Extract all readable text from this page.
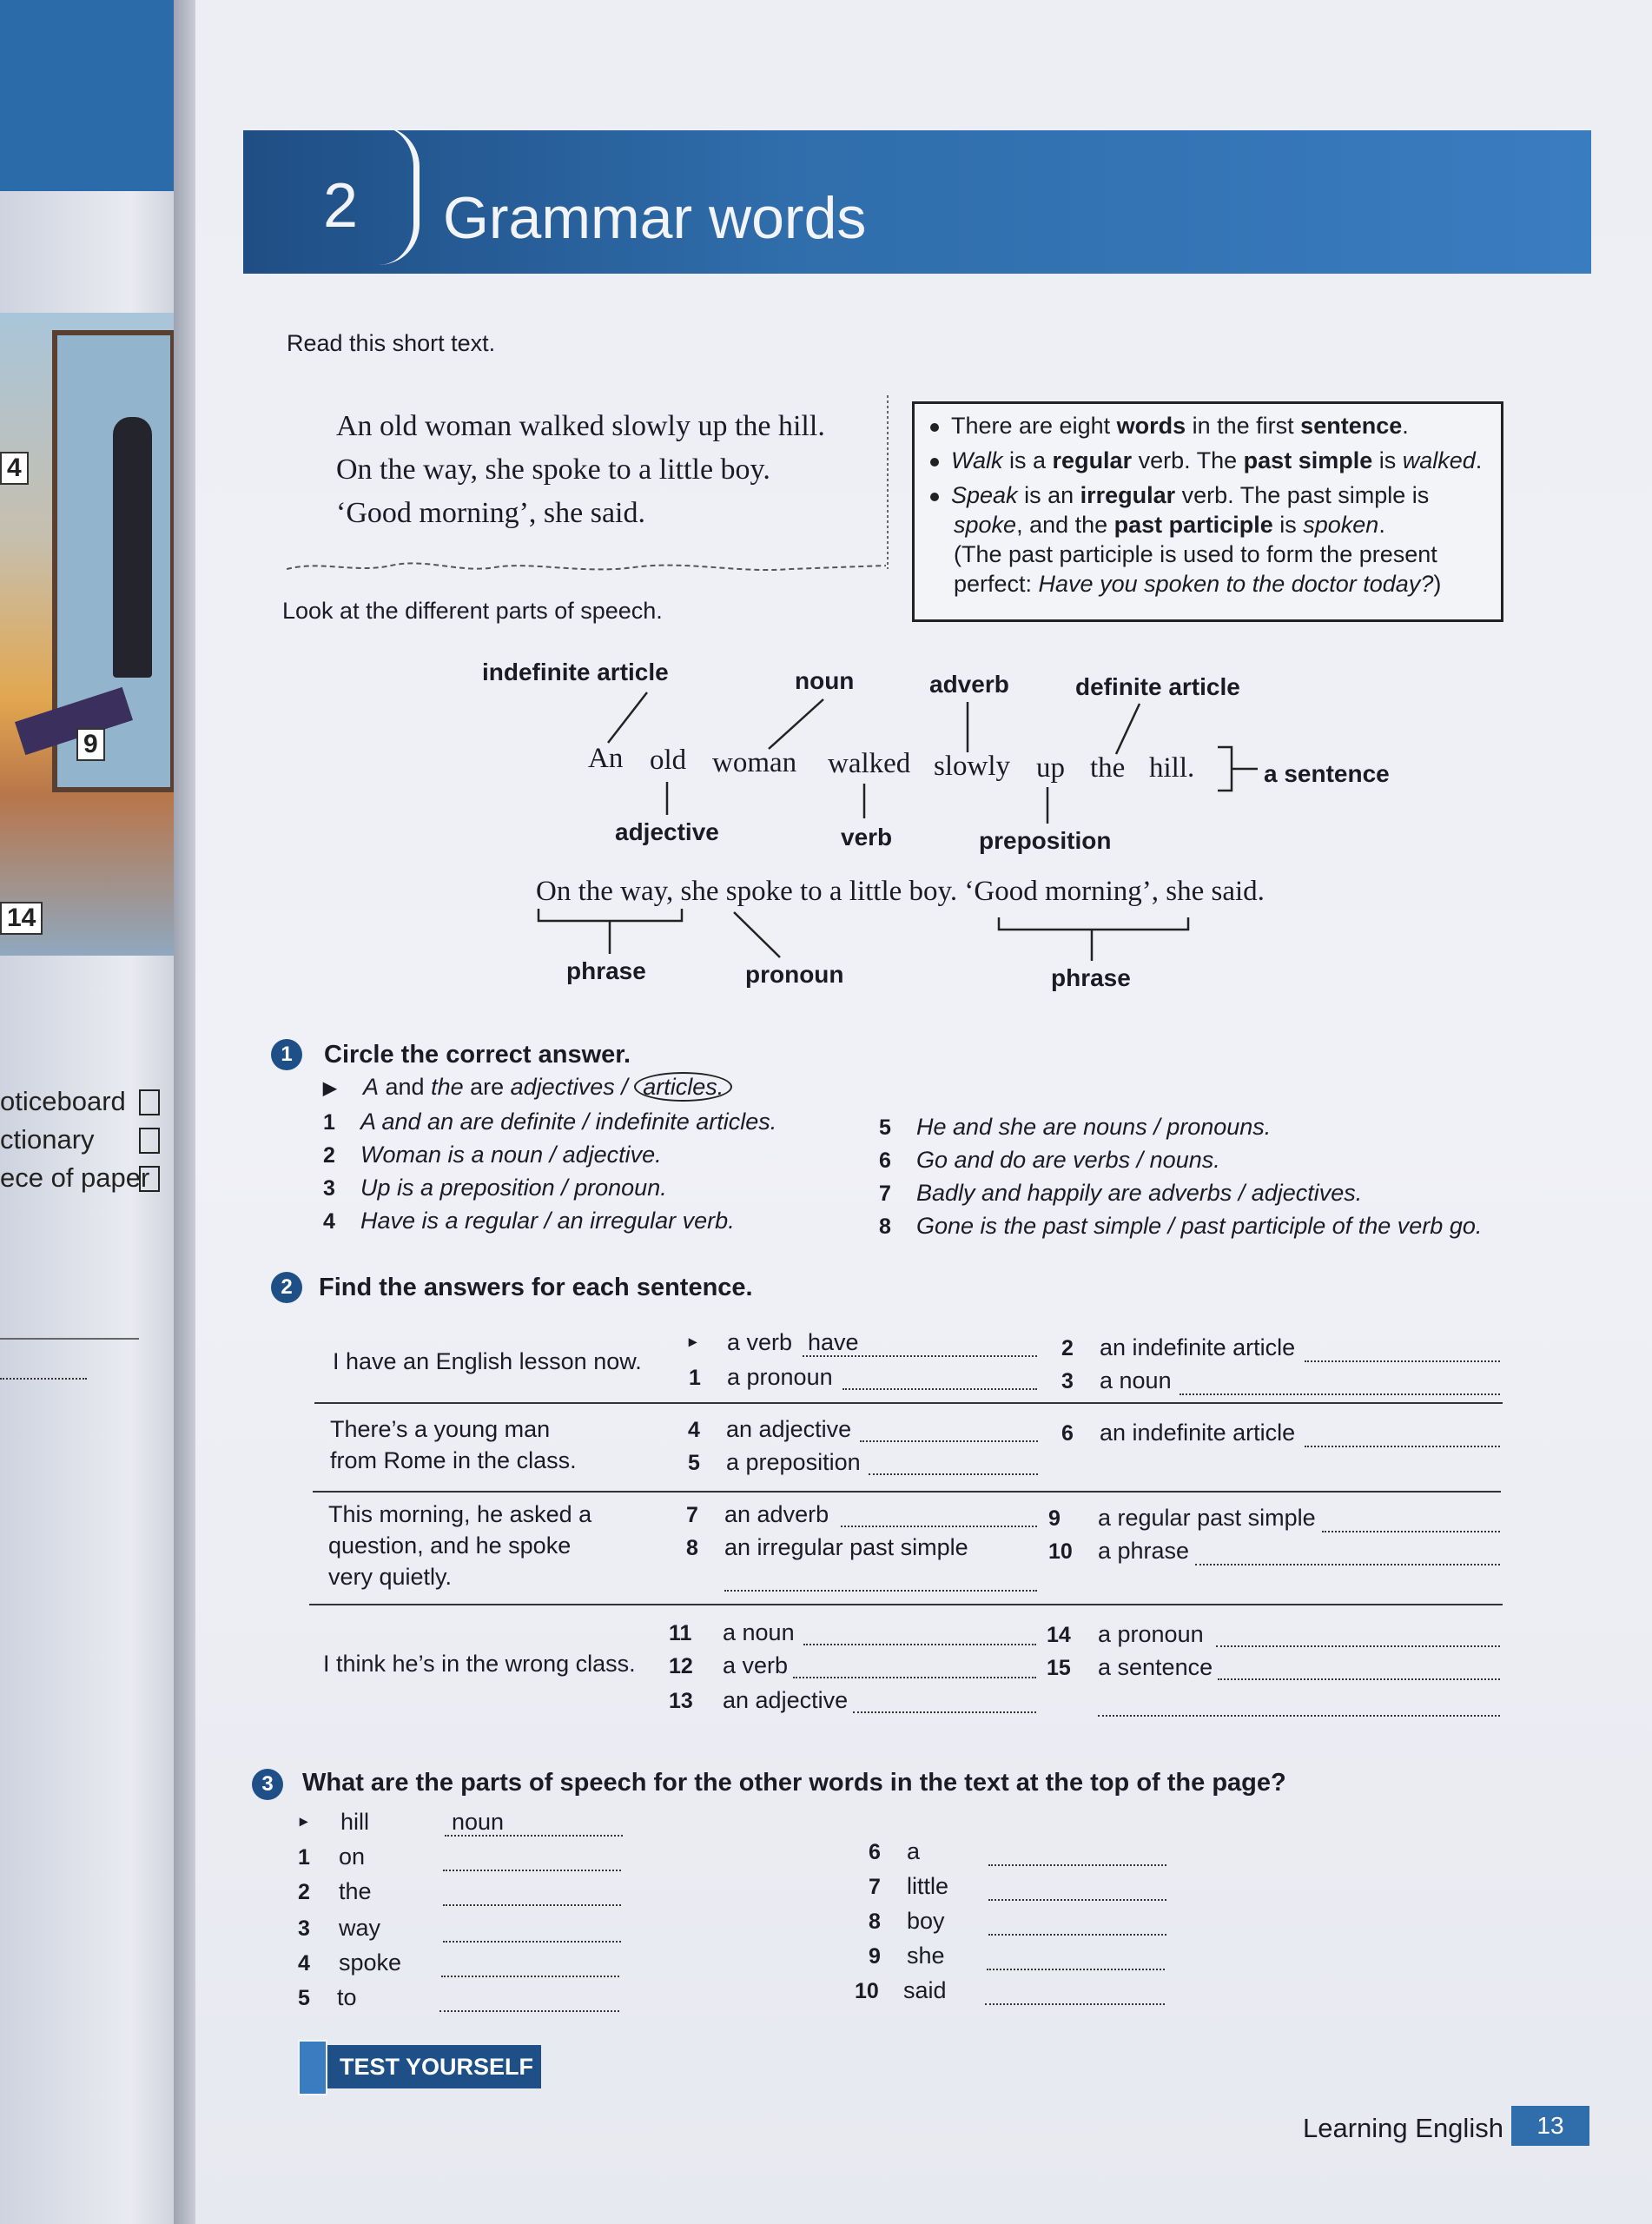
4
9
14
oticeboard
ctionary
ece of paper
2 Grammar words
Read this short text.
An old woman walked slowly up the hill.
On the way, she spoke to a little boy.
‘Good morning’, she said.
There are eight words in the first sentence.
Walk is a regular verb. The past simple is walked.
Speak is an irregular verb. The past simple is
spoke, and the past participle is spoken.
(The past participle is used to form the present
perfect: Have you spoken to the doctor today?)
Look at the different parts of speech.
indefinite article	noun	adverb	definite article
An old woman walked slowly up the hill.	a sentence
adjective	verb	preposition
On the way, she spoke to a little boy. ‘Good morning’, she said.
phrase	pronoun	phrase
1	Circle the correct answer.
▶ A and the are adjectives / articles.
1 A and an are definite / indefinite articles.
2 Woman is a noun / adjective.
3 Up is a preposition / pronoun.
4 Have is a regular / an irregular verb.
5 He and she are nouns / pronouns.
6 Go and do are verbs / nouns.
7 Badly and happily are adverbs / adjectives.
8 Gone is the past simple / past participle of the verb go.
2	Find the answers for each sentence.
I have an English lesson now.
▸ a verb have
1 a pronoun
2 an indefinite article
3 a noun
There’s a young man
from Rome in the class.
4 an adjective
5 a preposition
6 an indefinite article
This morning, he asked a
question, and he spoke
very quietly.
7 an adverb
8 an irregular past simple
9 a regular past simple
10 a phrase
I think he’s in the wrong class.
11 a noun
12 a verb
13 an adjective
14 a pronoun
15 a sentence
3	What are the parts of speech for the other words in the text at the top of the page?
▸ hill	noun
1 on
2 the
3 way
4 spoke
5 to
6 a
7 little
8 boy
9 she
10 said
TEST YOURSELF
Learning English	13
